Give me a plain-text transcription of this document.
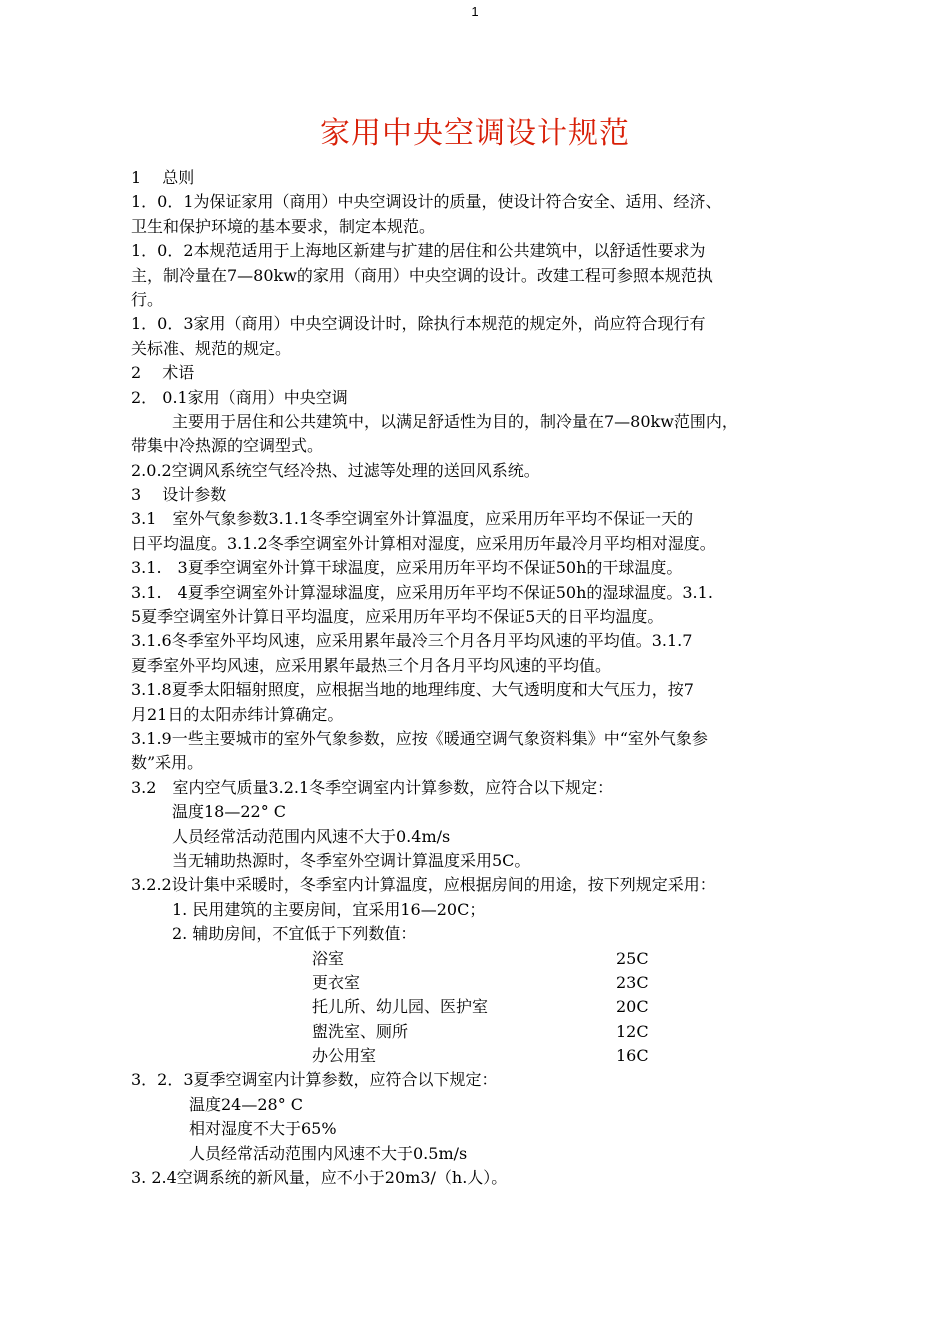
1
家用中央空调设计规范
1　 总则
1．0．1为保证家用（商用）中央空调设计的质量，使设计符合安全、适用、经济、
卫生和保护环境的基本要求，制定本规范。
1．0．2本规范适用于上海地区新建与扩建的居住和公共建筑中，以舒适性要求为
主，制冷量在7—80kw的家用（商用）中央空调的设计。改建工程可参照本规范执
行。
1．0．3家用（商用）中央空调设计时，除执行本规范的规定外，尚应符合现行有
关标准、规范的规定。
2　 术语
2． 0.1家用（商用）中央空调
主要用于居住和公共建筑中，以满足舒适性为目的，制冷量在7—80kw范围内，
带集中冷热源的空调型式。
2.0.2空调风系统空气经冷热、过滤等处理的送回风系统。
3　 设计参数
3.1　室外气象参数3.1.1冬季空调室外计算温度，应采用历年平均不保证一天的
日平均温度。3.1.2冬季空调室外计算相对湿度，应采用历年最冷月平均相对湿度。
3.1.　3夏季空调室外计算干球温度，应采用历年平均不保证50h的干球温度。
3.1.　4夏季空调室外计算湿球温度，应采用历年平均不保证50h的湿球温度。3.1.
5夏季空调室外计算日平均温度，应采用历年平均不保证5天的日平均温度。
3.1.6冬季室外平均风速，应采用累年最冷三个月各月平均风速的平均值。3.1.7
夏季室外平均风速，应采用累年最热三个月各月平均风速的平均值。
3.1.8夏季太阳辐射照度，应根据当地的地理纬度、大气透明度和大气压力，按7
月21日的太阳赤纬计算确定。
3.1.9一些主要城市的室外气象参数，应按《暖通空调气象资料集》中“室外气象参
数”采用。
3.2　室内空气质量3.2.1冬季空调室内计算参数，应符合以下规定：
温度18—22° C
人员经常活动范围内风速不大于0.4m/s
当无辅助热源时，冬季室外空调计算温度采用5C。
3.2.2设计集中采暖时，冬季室内计算温度，应根据房间的用途，按下列规定采用：
1. 民用建筑的主要房间，宜采用16—20C；
2. 辅助房间，不宜低于下列数值：
浴室	25C
更衣室	23C
托儿所、幼儿园、医护室	20C
盥洗室、厕所	12C
办公用室	16C
3．2．3夏季空调室内计算参数，应符合以下规定：
温度24—28° C
相对湿度不大于65%
人员经常活动范围内风速不大于0.5m/s
3. 2.4空调系统的新风量，应不小于20m3/（h.人）。
